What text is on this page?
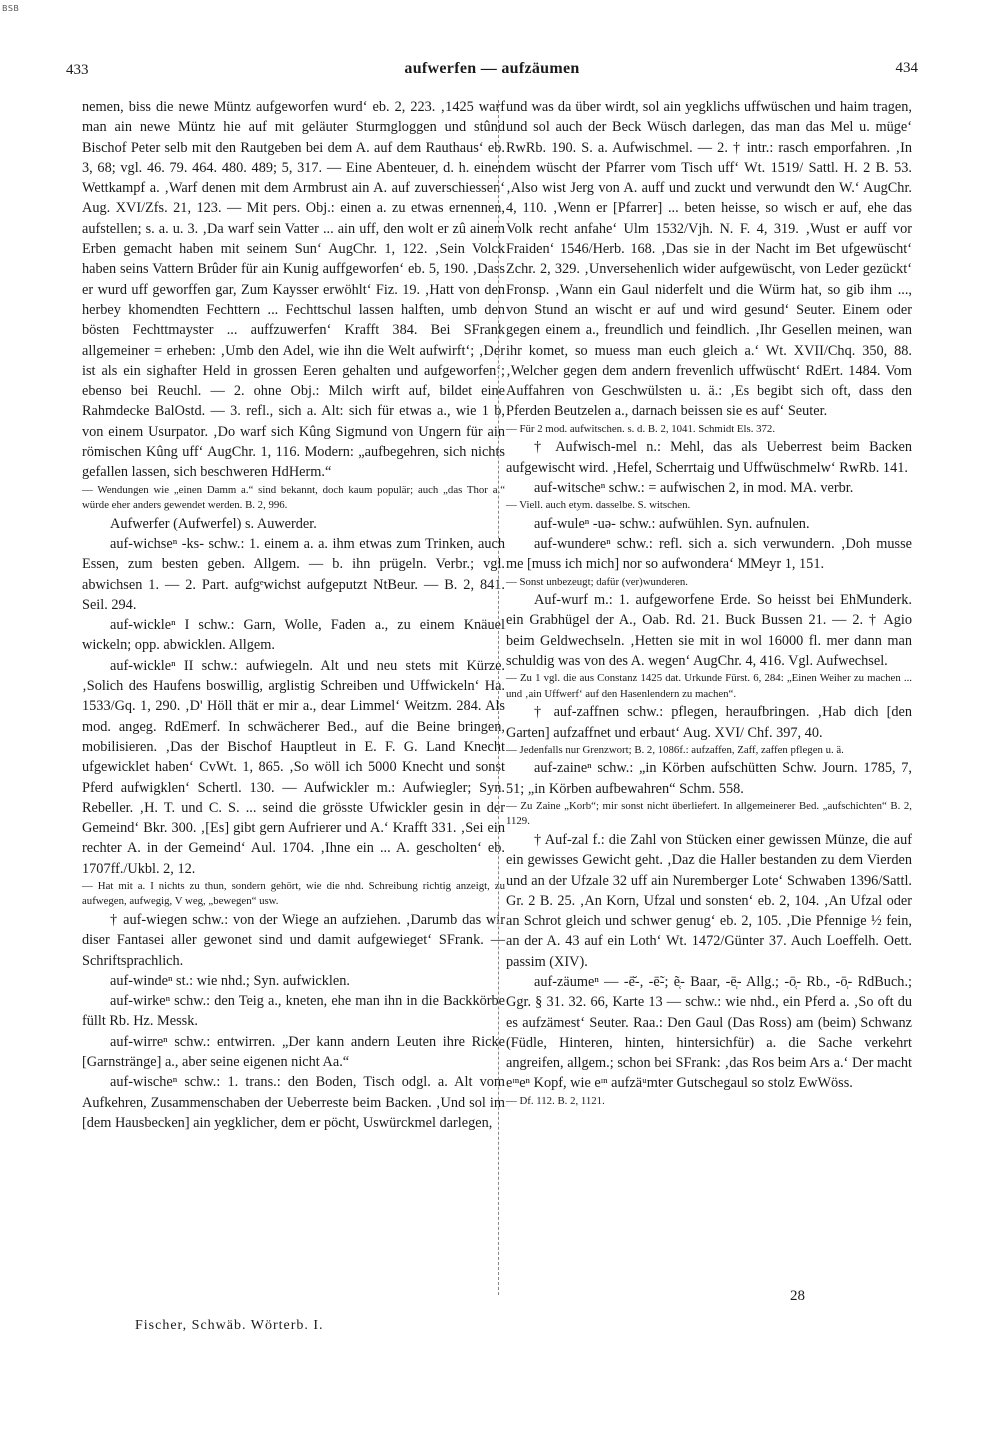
BSB
433	aufwerfen — aufzäumen	434

nemen, biss die newe Müntz aufgeworfen wurd‘ eb. 2, 223. ‚1425 warf man ain newe Müntz hie auf mit geläuter Sturmgloggen und stûnd Bischof Peter selb mit den Rautgeben bei dem A. auf dem Rauthaus‘ eb. 3, 68; vgl. 46. 79. 464. 480. 489; 5, 317. — Eine Abenteuer, d. h. einen Wettkampf a. ‚Warf denen mit dem Armbrust ain A. auf zuverschiessen‘ Aug. XVI/Zfs. 21, 123. — Mit pers. Obj.: einen a. zu etwas ernennen, aufstellen; s. a. u. 3. ‚Da warf sein Vatter ... ain uff, den wolt er zû ainem Erben gemacht haben mit seinem Sun‘ AugChr. 1, 122. ‚Sein Volck haben seins Vattern Brûder für ain Kunig auffgeworfen‘ eb. 5, 190. ‚Dass er wurd uff geworffen gar, Zum Kaysser erwöhlt‘ Fiz. 19. ‚Hatt von den herbey khomendten Fechttern ... Fechttschul lassen halften, umb den bösten Fechttmayster ... auffzuwerfen‘ Krafft 384. Bei SFrank allgemeiner = erheben: ‚Umb den Adel, wie ihn die Welt aufwirft‘; ‚Der ist als ein sighafter Held in grossen Eeren gehalten und aufgeworfen‘; ebenso bei Reuchl. — 2. ohne Obj.: Milch wirft auf, bildet eine Rahmdecke BalOstd. — 3. refl., sich a. Alt: sich für etwas a., wie 1 b, von einem Usurpator. ‚Do warf sich Kûng Sigmund von Ungern für ain römischen Kûng uff‘ AugChr. 1, 116. Modern: „aufbegehren, sich nichts gefallen lassen, sich beschweren HdHerm.“

— Wendungen wie „einen Damm a.“ sind bekannt, doch kaum populär; auch „das Thor a.“ würde eher anders gewendet werden. B. 2, 996.

Aufwerfer (Aufwerfel) s. Auwerder.

auf-wichseⁿ -ks- schw.: 1. einem a. a. ihm etwas zum Trinken, auch Essen, zum besten geben. Allgem. — b. ihn prügeln. Verbr.; vgl. abwichsen 1. — 2. Part. aufgᵉwichst aufgeputzt NtBeur. — B. 2, 841. Seil. 294.

auf-wickleⁿ I schw.: Garn, Wolle, Faden a., zu einem Knäuel wickeln; opp. abwicklen. Allgem.

auf-wickleⁿ II schw.: aufwiegeln. Alt und neu stets mit Kürze. ‚Solich des Haufens boswillig, arglistig Schreiben und Uffwickeln‘ Ha. 1533/Gq. 1, 290. ‚D' Höll thät er mir a., dear Limmel‘ Weitzm. 284. Als mod. angeg. RdEmerf. In schwächerer Bed., auf die Beine bringen, mobilisieren. ‚Das der Bischof Hauptleut in E. F. G. Land Knecht ufgewicklet haben‘ CvWt. 1, 865. ‚So wöll ich 5000 Knecht und sonst Pferd aufwigklen‘ Schertl. 130. — Aufwickler m.: Aufwiegler; Syn. Rebeller. ‚H. T. und C. S. ... seind die grösste Ufwickler gesin in der Gemeind‘ Bkr. 300. ‚[Es] gibt gern Aufrierer und A.‘ Krafft 331. ‚Sei ein rechter A. in der Gemeind‘ Aul. 1704. ‚Ihne ein ... A. gescholten‘ eb. 1707ff./Ukbl. 2, 12.

— Hat mit a. I nichts zu thun, sondern gehört, wie die nhd. Schreibung richtig anzeigt, zu aufwegen, aufwegig, V weg, „bewegen“ usw.

† auf-wiegen schw.: von der Wiege an aufziehen. ‚Darumb das wir diser Fantasei aller gewonet sind und damit aufgewieget‘ SFrank. — Schriftsprachlich.

auf-windeⁿ st.: wie nhd.; Syn. aufwicklen.

auf-wirkeⁿ schw.: den Teig a., kneten, ehe man ihn in die Backkörbe füllt Rb. Hz. Messk.

auf-wirreⁿ schw.: entwirren. „Der kann andern Leuten ihre Ricke [Garnstränge] a., aber seine eigenen nicht Aa.“

auf-wischeⁿ schw.: 1. trans.: den Boden, Tisch odgl. a. Alt vom Aufkehren, Zusammenschaben der Ueberreste beim Backen. ‚Und sol im [dem Hausbecken] ain yegklicher, dem er pöcht, Uswürckmel darlegen,

und was da über wirdt, sol ain yegklichs uffwüschen und haim tragen, und sol auch der Beck Wüsch darlegen, das man das Mel u. müge‘ RwRb. 190. S. a. Aufwischmel. — 2. † intr.: rasch emporfahren. ‚In dem wüscht der Pfarrer vom Tisch uff‘ Wt. 1519/ Sattl. H. 2 B. 53. ‚Also wist Jerg von A. auff und zuckt und verwundt den W.‘ AugChr. 4, 110. ‚Wenn er [Pfarrer] ... beten heisse, so wisch er auf, ehe das Volk recht anfahe‘ Ulm 1532/Vjh. N. F. 4, 319. ‚Wust er auff vor Fraiden‘ 1546/Herb. 168. ‚Das sie in der Nacht im Bet ufgewüscht‘ Zchr. 2, 329. ‚Unversehenlich wider aufgewüscht, von Leder gezückt‘ Fronsp. ‚Wann ein Gaul niderfelt und die Würm hat, so gib ihm ..., von Stund an wischt er auf und wird gesund‘ Seuter. Einem oder gegen einem a., freundlich und feindlich. ‚Ihr Gesellen meinen, wan ihr komet, so muess man euch gleich a.‘ Wt. XVII/Chq. 350, 88. ‚Welcher gegen dem andern frevenlich uffwüscht‘ RdErt. 1484. Vom Auffahren von Geschwülsten u. ä.: ‚Es begibt sich oft, dass den Pferden Beutzelen a., darnach beissen sie es auf‘ Seuter.

— Für 2 mod. aufwitschen. s. d. B. 2, 1041. Schmidt Els. 372.

† Aufwisch-mel n.: Mehl, das als Ueberrest beim Backen aufgewischt wird. ‚Hefel, Scherrtaig und Uffwüschmelw‘ RwRb. 141.

auf-witscheⁿ schw.: = aufwischen 2, in mod. MA. verbr.

— Viell. auch etym. dasselbe. S. witschen.

auf-wuleⁿ -uə- schw.: aufwühlen. Syn. aufnulen.

auf-wundereⁿ schw.: refl. sich a. sich verwundern. ‚Doh musse me [muss ich mich] nor so aufwondera‘ MMeyr 1, 151.

— Sonst unbezeugt; dafür (ver)wunderen.

Auf-wurf m.: 1. aufgeworfene Erde. So heisst bei EhMunderk. ein Grabhügel der A., Oab. Rd. 21. Buck Bussen 21. — 2. † Agio beim Geldwechseln. ‚Hetten sie mit in wol 16000 fl. mer dann man schuldig was von des A. wegen‘ AugChr. 4, 416. Vgl. Aufwechsel.

— Zu 1 vgl. die aus Constanz 1425 dat. Urkunde Fürst. 6, 284: „Einen Weiher zu machen ... und ‚ain Uffwerf‘ auf den Hasenlendern zu machen“.

† auf-zaffnen schw.: pflegen, heraufbringen. ‚Hab dich [den Garten] aufzaffnet und erbaut‘ Aug. XVI/ Chf. 397, 40.

— Jedenfalls nur Grenzwort; B. 2, 1086f.: aufzaffen, Zaff, zaffen pflegen u. ä.

auf-zaineⁿ schw.: „in Körben aufschütten Schw. Journ. 1785, 7, 51; „in Körben aufbewahren“ Schm. 558.

— Zu Zaine „Korb“; mir sonst nicht überliefert. In allgemeinerer Bed. „aufschichten“ B. 2, 1129.

† Auf-zal f.: die Zahl von Stücken einer gewissen Münze, die auf ein gewisses Gewicht geht. ‚Daz die Haller bestanden zu dem Vierden und an der Ufzale 32 uff ain Nuremberger Lote‘ Schwaben 1396/Sattl. Gr. 2 B. 25. ‚An Korn, Ufzal und sonsten‘ eb. 2, 104. ‚An Ufzal oder an Schrot gleich und schwer genug‘ eb. 2, 105. ‚Die Pfennige ½ fein, an der A. 43 auf ein Loth‘ Wt. 1472/Günter 37. Auch Loeffelh. Oett. passim (XIV).

auf-zäumeⁿ — -ē̆-, -ē̃-; ẽ̜- Baar, -ē̜- Allg.; -ō̜- Rb., -ō̜- RdBuch.; Ggr. § 31. 32. 66, Karte 13 — schw.: wie nhd., ein Pferd a. ‚So oft du es aufzämest‘ Seuter. Raa.: Den Gaul (Das Ross) am (beim) Schwanz (Füdle, Hinteren, hinten, hintersichfür) a. die Sache verkehrt angreifen, allgem.; schon bei SFrank: ‚das Ros beim Ars a.‘ Der macht eᶦⁿeⁿ Kopf, wie eᶦⁿ aufzäᵘmter Gutschegaul so stolz EwWöss.

— Df. 112. B. 2, 1121.

28
Fischer, Schwäb. Wörterb. I.
